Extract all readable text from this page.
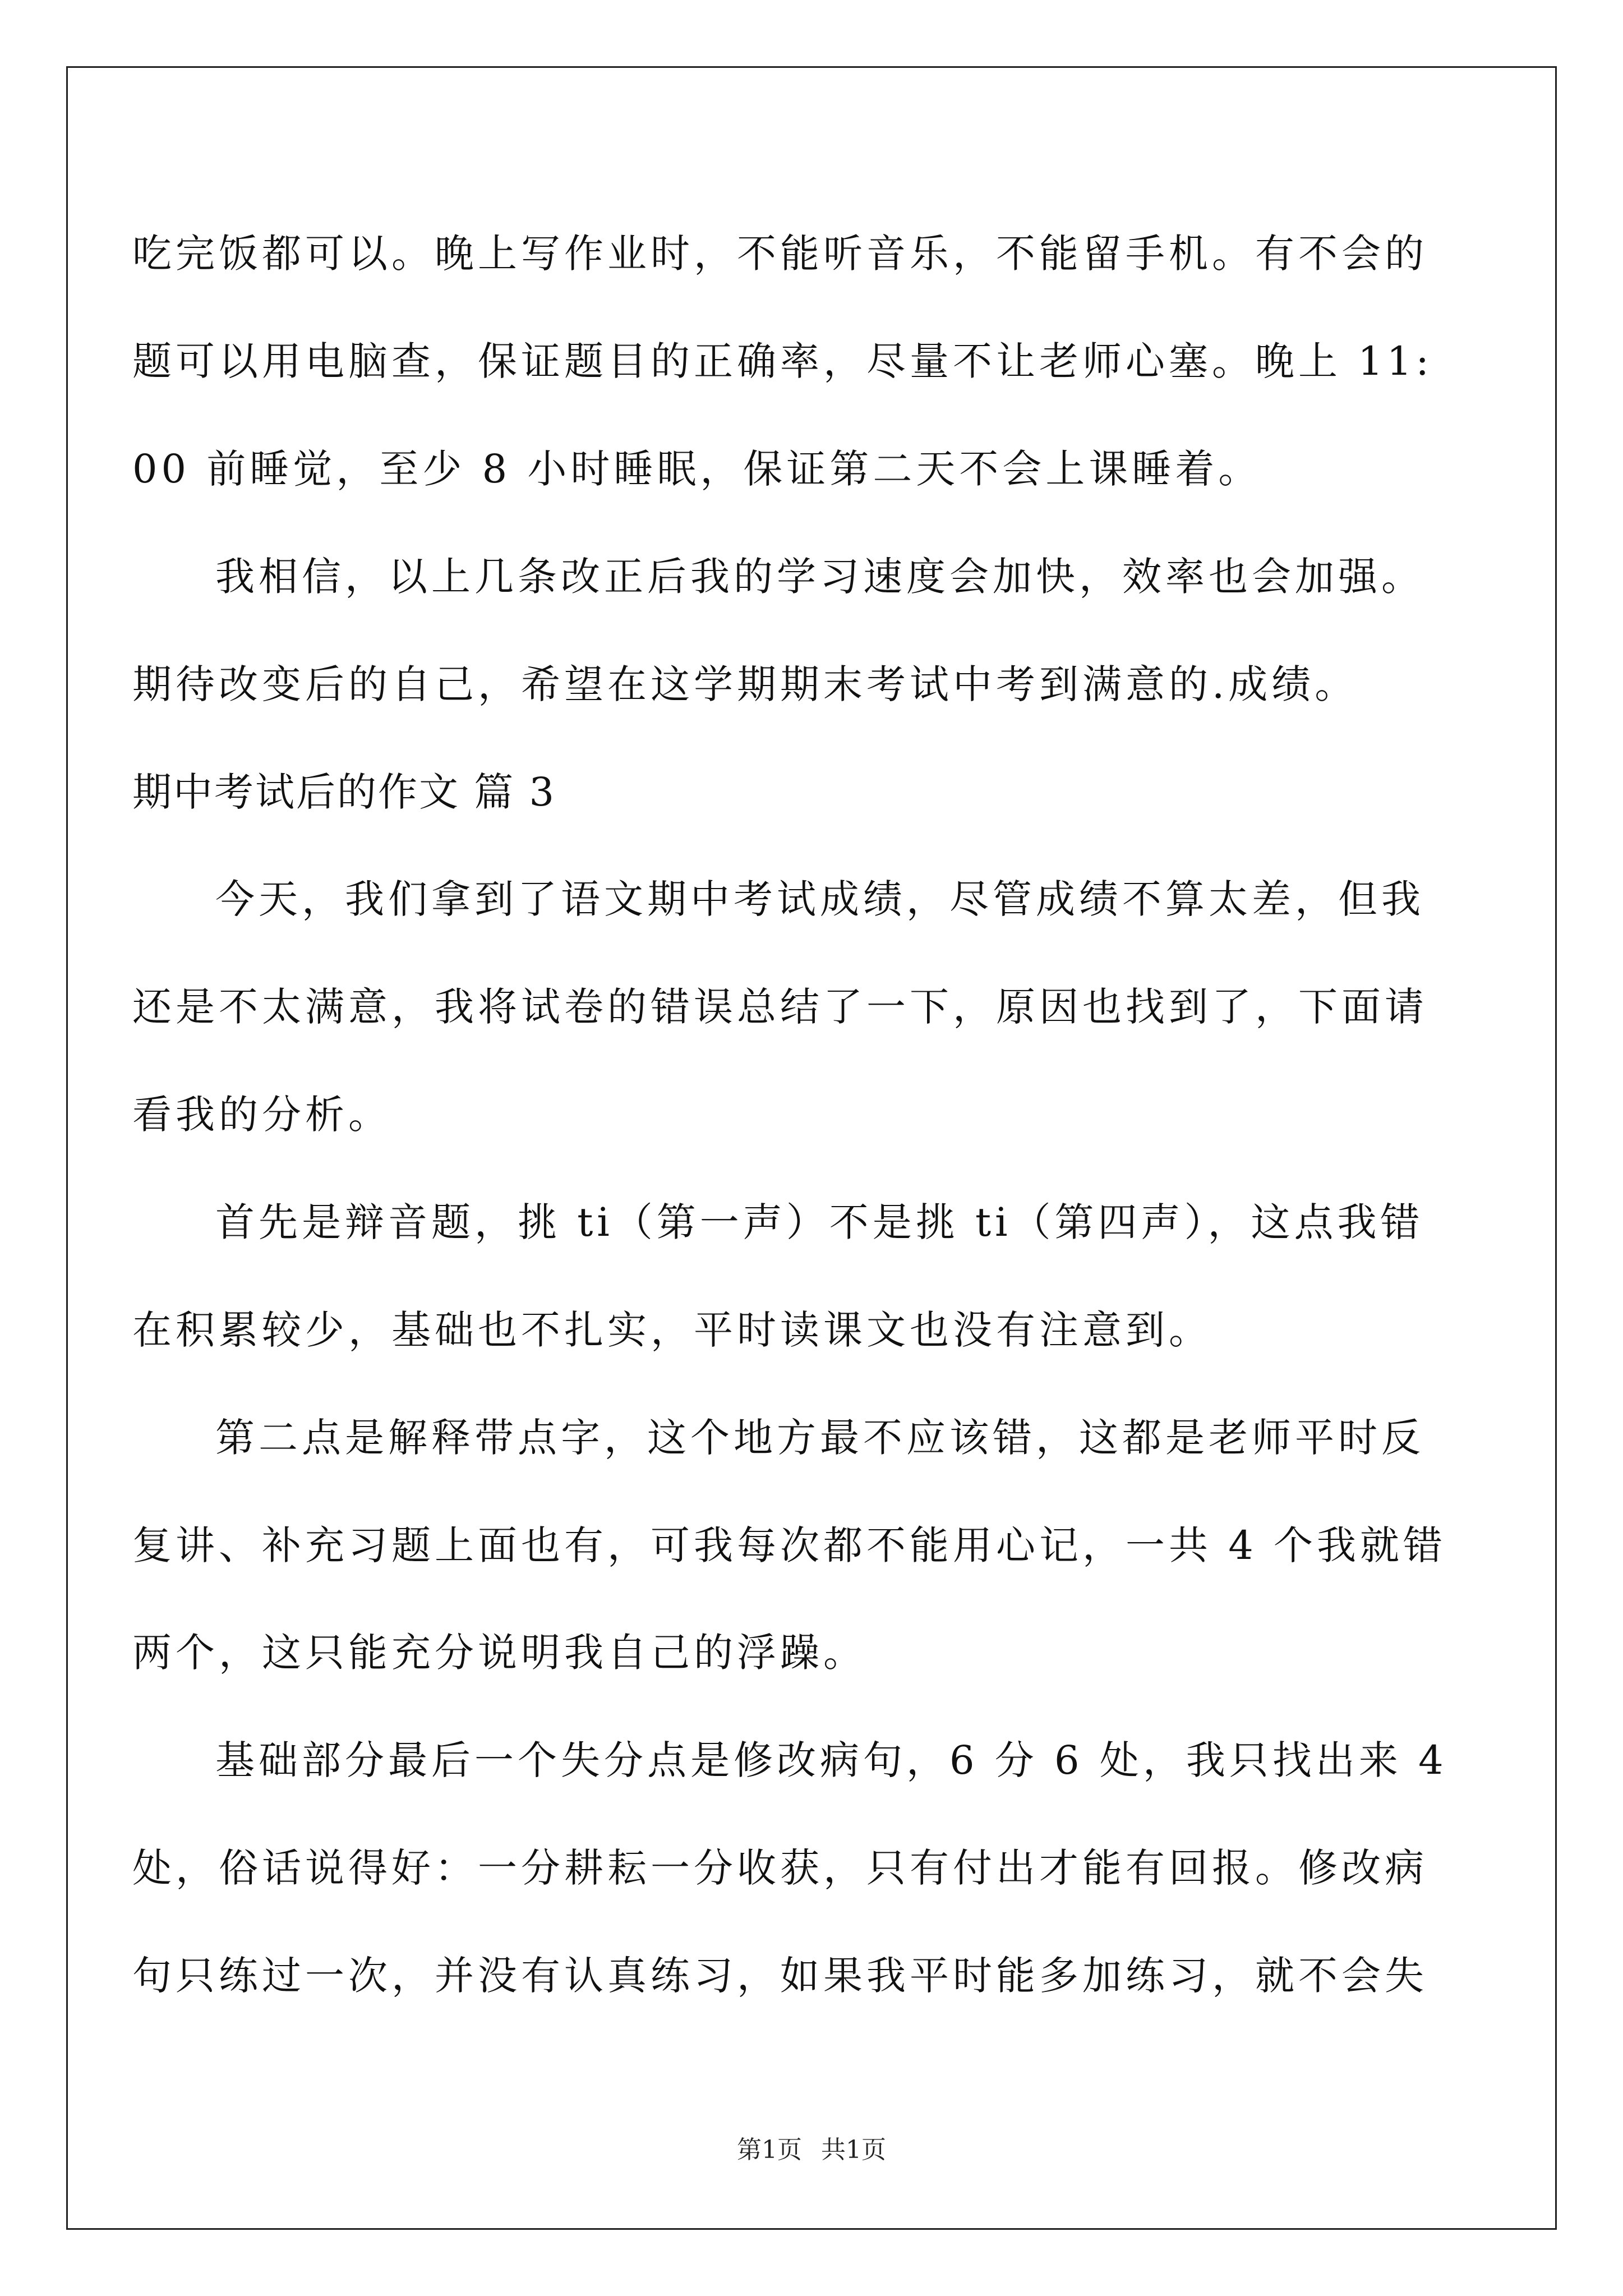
吃完饭都可以。晚上写作业时，不能听音乐，不能留手机。有不会的
题可以用电脑查，保证题目的正确率，尽量不让老师心塞。晚上 11:
00 前睡觉，至少 8 小时睡眠，保证第二天不会上课睡着。
我相信，以上几条改正后我的学习速度会加快，效率也会加强。
期待改变后的自己，希望在这学期期末考试中考到满意的.成绩。
期中考试后的作文 篇 3
今天，我们拿到了语文期中考试成绩，尽管成绩不算太差，但我
还是不太满意，我将试卷的错误总结了一下，原因也找到了，下面请
看我的分析。
首先是辩音题，挑 ti（第一声）不是挑 ti（第四声），这点我错
在积累较少，基础也不扎实，平时读课文也没有注意到。
第二点是解释带点字，这个地方最不应该错，这都是老师平时反
复讲、补充习题上面也有，可我每次都不能用心记，一共 4 个我就错
两个，这只能充分说明我自己的浮躁。
基础部分最后一个失分点是修改病句，6 分 6 处，我只找出来 4
处，俗话说得好：一分耕耘一分收获，只有付出才能有回报。修改病
句只练过一次，并没有认真练习，如果我平时能多加练习，就不会失
第1页 共1页
